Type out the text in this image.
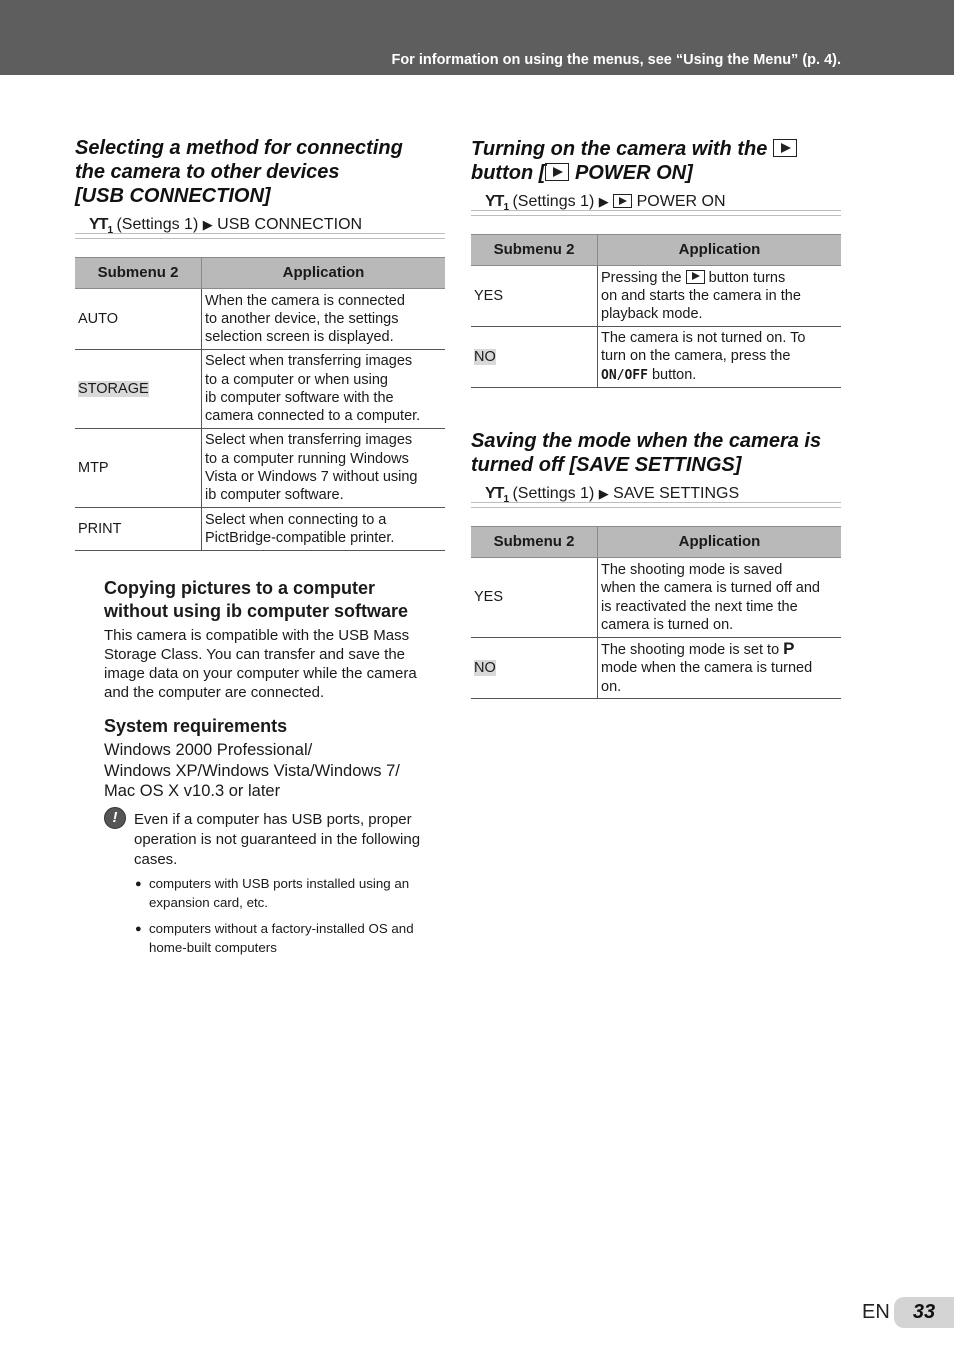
For information on using the menus, see “Using the Menu” (p. 4).
Selecting a method for connecting
the camera to other devices
[USB CONNECTION]
$YT_1$ (Settings 1) ▶ USB CONNECTION
Submenu 2	Application
AUTO	When the camera is connected
to another device, the settings
selection screen is displayed.

STORAGE	Select when transferring images
to a computer or when using
ib computer software with the
camera connected to a computer.

MTP	Select when transferring images
to a computer running Windows
Vista or Windows 7 without using
ib computer software.

PRINT	Select when connecting to a
PictBridge-compatible printer.
Copying pictures to a computer
without using ib computer software
This camera is compatible with the USB Mass
Storage Class. You can transfer and save the
image data on your computer while the camera
and the computer are connected.
System requirements
Windows 2000 Professional/
Windows XP/Windows Vista/Windows 7/
Mac OS X v10.3 or later
!	Even if a computer has USB ports, proper
operation is not guaranteed in the following
cases.
● computers with USB ports installed using an
expansion card, etc.
● computers without a factory-installed OS and
home-built computers
Turning on the camera with the
button [ POWER ON]
$YT_1$ (Settings 1) ▶  POWER ON
Submenu 2	Application
YES	Pressing the  button turns
on and starts the camera in the
playback mode.

NO	The camera is not turned on. To
turn on the camera, press the
ON/OFF button.
Saving the mode when the camera is
turned off [SAVE SETTINGS]
$YT_1$ (Settings 1) ▶ SAVE SETTINGS
Submenu 2	Application
YES	The shooting mode is saved
when the camera is turned off and
is reactivated the next time the
camera is turned on.

NO	The shooting mode is set to P
mode when the camera is turned
on.
EN	33
